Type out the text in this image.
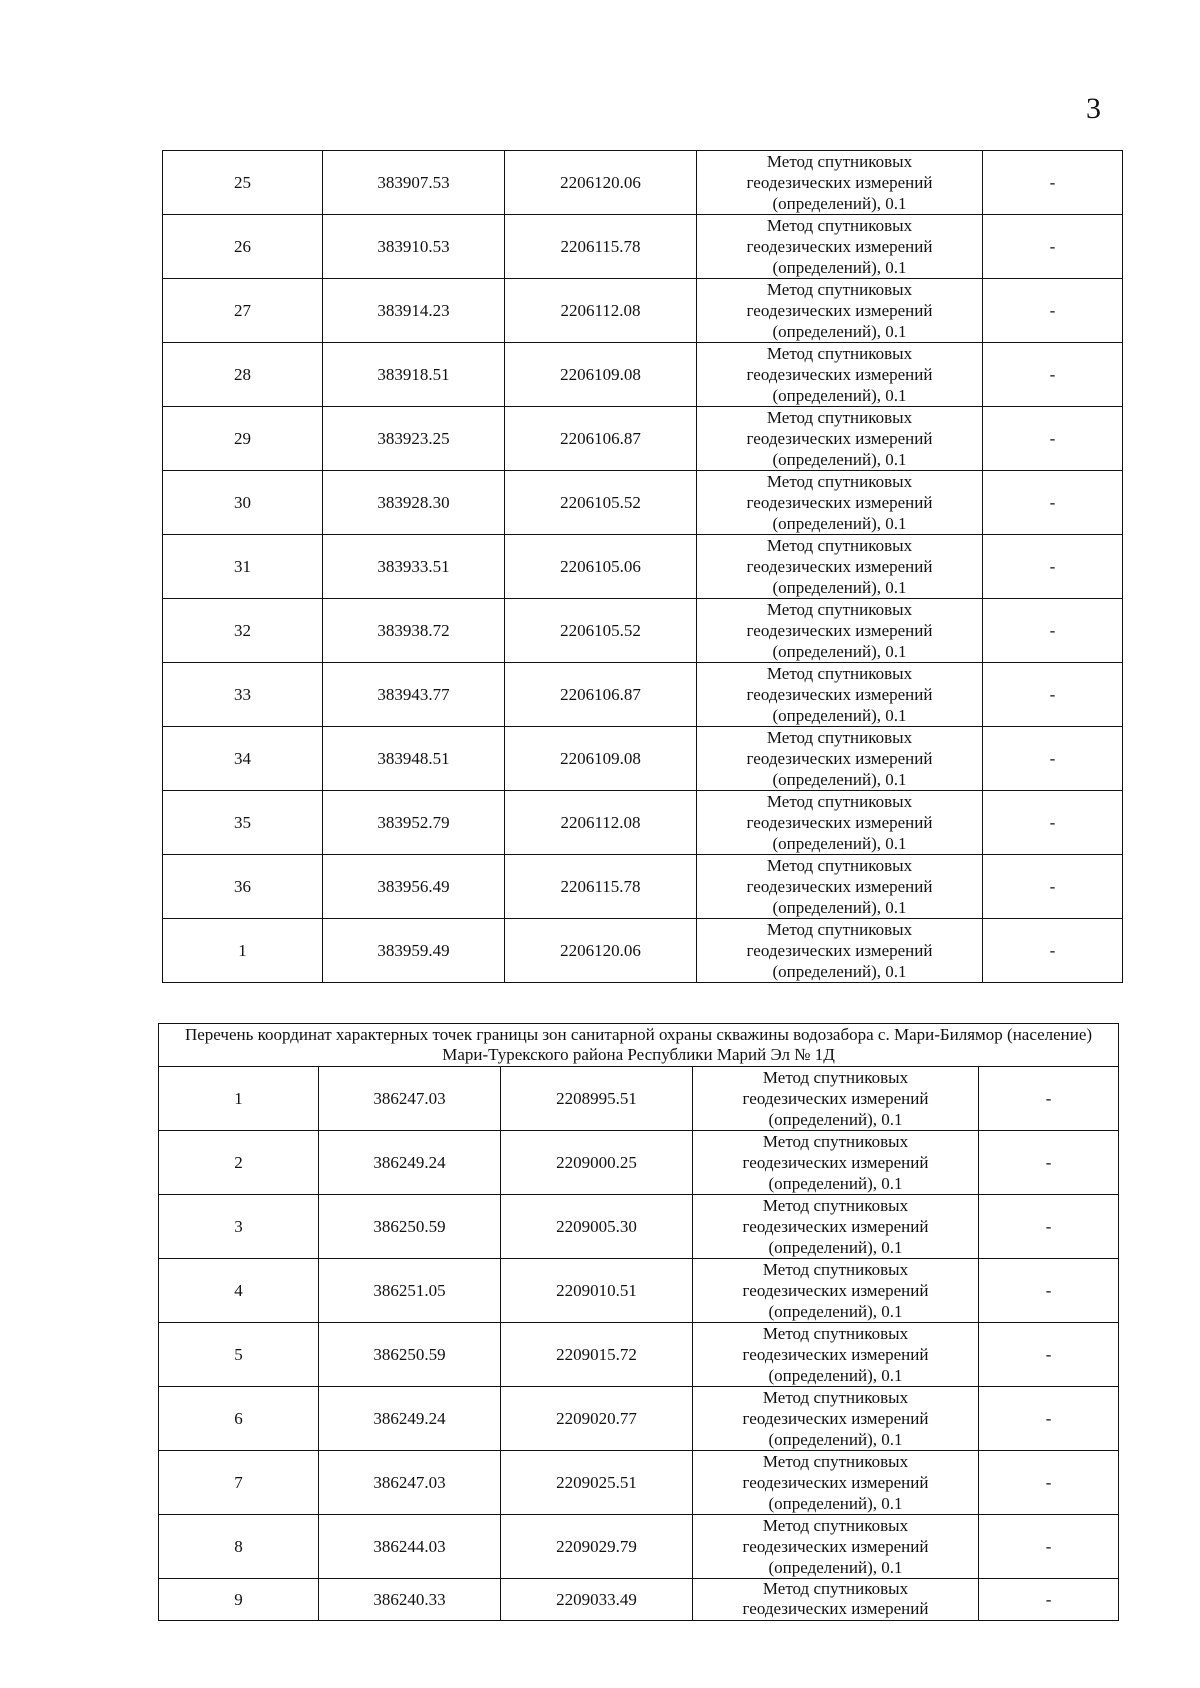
3
25	383907.53	2206120.06	Метод спутниковых
геодезических измерений
(определений), 0.1	-
26	383910.53	2206115.78	Метод спутниковых
геодезических измерений
(определений), 0.1	-
27	383914.23	2206112.08	Метод спутниковых
геодезических измерений
(определений), 0.1	-
28	383918.51	2206109.08	Метод спутниковых
геодезических измерений
(определений), 0.1	-
29	383923.25	2206106.87	Метод спутниковых
геодезических измерений
(определений), 0.1	-
30	383928.30	2206105.52	Метод спутниковых
геодезических измерений
(определений), 0.1	-
31	383933.51	2206105.06	Метод спутниковых
геодезических измерений
(определений), 0.1	-
32	383938.72	2206105.52	Метод спутниковых
геодезических измерений
(определений), 0.1	-
33	383943.77	2206106.87	Метод спутниковых
геодезических измерений
(определений), 0.1	-
34	383948.51	2206109.08	Метод спутниковых
геодезических измерений
(определений), 0.1	-
35	383952.79	2206112.08	Метод спутниковых
геодезических измерений
(определений), 0.1	-
36	383956.49	2206115.78	Метод спутниковых
геодезических измерений
(определений), 0.1	-
1	383959.49	2206120.06	Метод спутниковых
геодезических измерений
(определений), 0.1	-
Перечень координат характерных точек границы зон санитарной охраны скважины водозабора с. Мари-Билямор (население) Мари-Турекского района Республики Марий Эл № 1Д				
1	386247.03	2208995.51	Метод спутниковых
геодезических измерений
(определений), 0.1	-
2	386249.24	2209000.25	Метод спутниковых
геодезических измерений
(определений), 0.1	-
3	386250.59	2209005.30	Метод спутниковых
геодезических измерений
(определений), 0.1	-
4	386251.05	2209010.51	Метод спутниковых
геодезических измерений
(определений), 0.1	-
5	386250.59	2209015.72	Метод спутниковых
геодезических измерений
(определений), 0.1	-
6	386249.24	2209020.77	Метод спутниковых
геодезических измерений
(определений), 0.1	-
7	386247.03	2209025.51	Метод спутниковых
геодезических измерений
(определений), 0.1	-
8	386244.03	2209029.79	Метод спутниковых
геодезических измерений
(определений), 0.1	-
9	386240.33	2209033.49	Метод спутниковых
геодезических измерений	-
